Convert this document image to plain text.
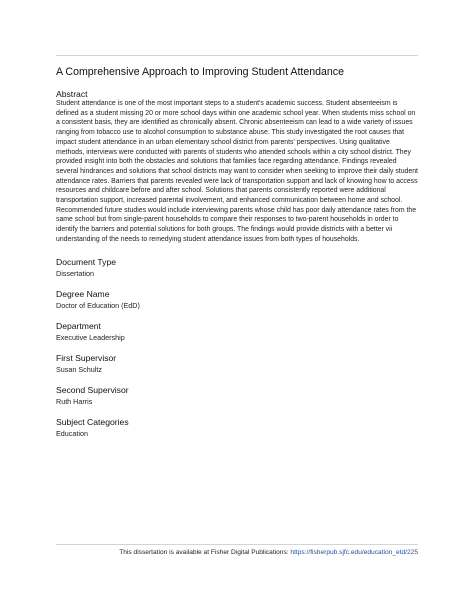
A Comprehensive Approach to Improving Student Attendance
Abstract

Student attendance is one of the most important steps to a student's academic success. Student absenteeism is defined as a student missing 20 or more school days within one academic school year. When students miss school on a consistent basis, they are identified as chronically absent. Chronic absenteeism can lead to a wide variety of issues ranging from tobacco use to alcohol consumption to substance abuse. This study investigated the root causes that impact student attendance in an urban elementary school district from parents' perspectives. Using qualitative methods, interviews were conducted with parents of students who attended schools within a city school district. They provided insight into both the obstacles and solutions that families face regarding attendance. Findings revealed several hindrances and solutions that school districts may want to consider when seeking to improve their daily student attendance rates. Barriers that parents revealed were lack of transportation support and lack of knowing how to access resources and childcare before and after school. Solutions that parents consistently reported were additional transportation support, increased parental involvement, and enhanced communication between home and school. Recommended future studies would include interviewing parents whose child has poor daily attendance rates from the same school but from single-parent households to compare their responses to two-parent households in order to identify the barriers and potential solutions for both groups. The findings would provide districts with a better vii understanding of the needs to remedying student attendance issues from both types of households.

Document Type
Dissertation
Degree Name
Doctor of Education (EdD)
Department
Executive Leadership
First Supervisor
Susan Schultz
Second Supervisor
Ruth Harris
Subject Categories
Education
This dissertation is available at Fisher Digital Publications: https://fisherpub.sjfc.edu/education_etd/225
